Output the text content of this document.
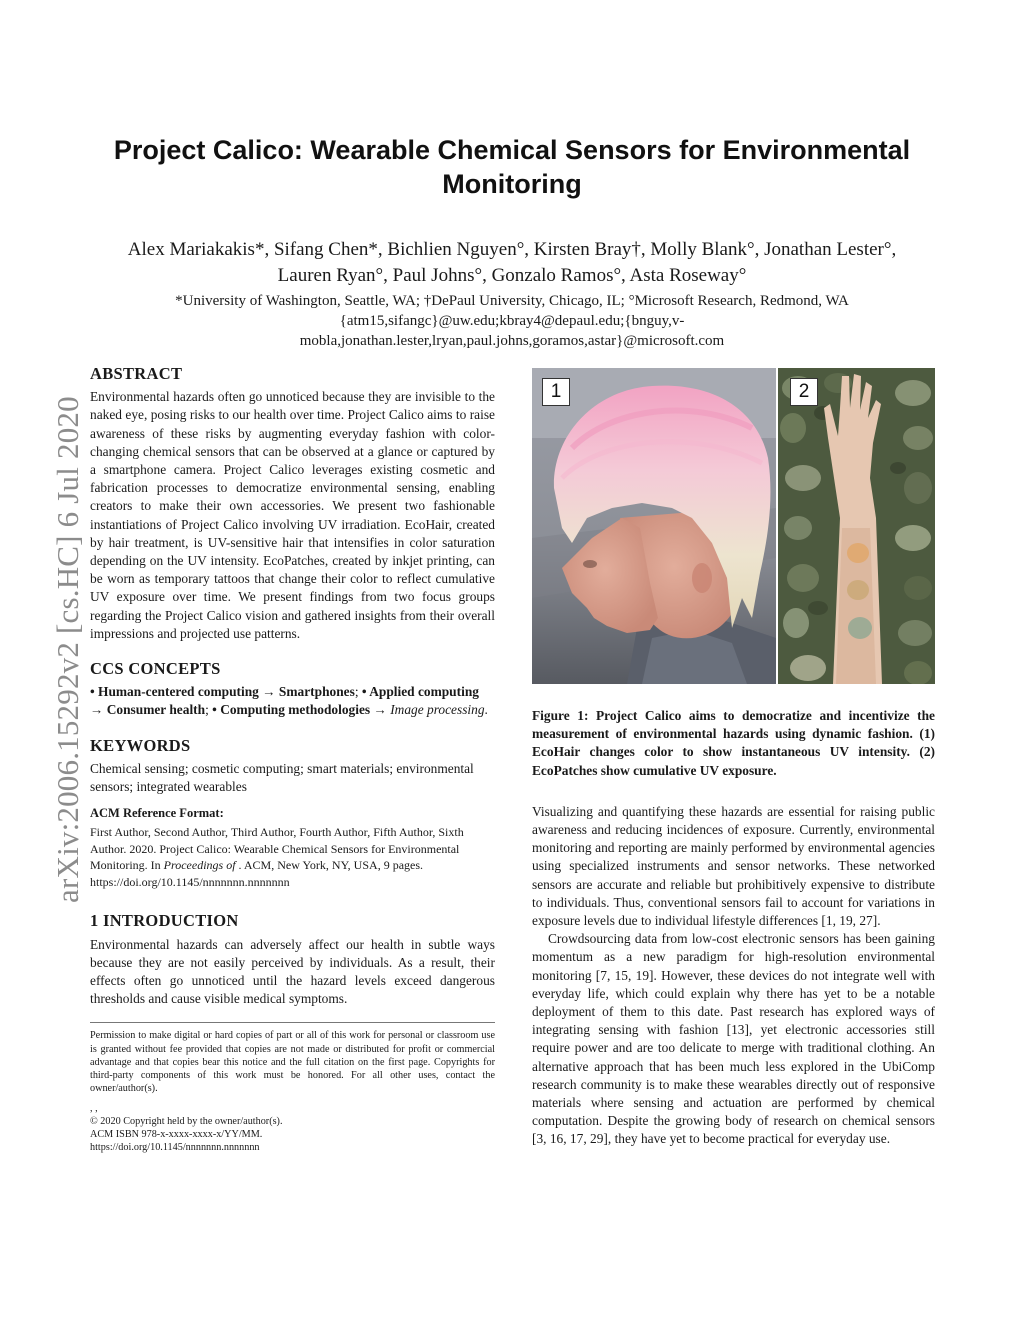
arXiv:2006.15292v2 [cs.HC] 6 Jul 2020
Project Calico: Wearable Chemical Sensors for Environmental Monitoring
Alex Mariakakis*, Sifang Chen*, Bichlien Nguyen°, Kirsten Bray†, Molly Blank°, Jonathan Lester°,
Lauren Ryan°, Paul Johns°, Gonzalo Ramos°, Asta Roseway°
*University of Washington, Seattle, WA; †DePaul University, Chicago, IL; °Microsoft Research, Redmond, WA
{atm15,sifangc}@uw.edu;kbray4@depaul.edu;{bnguy,v-
mobla,jonathan.lester,lryan,paul.johns,goramos,astar}@microsoft.com
ABSTRACT

Environmental hazards often go unnoticed because they are invisible to the naked eye, posing risks to our health over time. Project Calico aims to raise awareness of these risks by augmenting everyday fashion with color-changing chemical sensors that can be observed at a glance or captured by a smartphone camera. Project Calico leverages existing cosmetic and fabrication processes to democratize environmental sensing, enabling creators to make their own accessories. We present two fashionable instantiations of Project Calico involving UV irradiation. EcoHair, created by hair treatment, is UV-sensitive hair that intensifies in color saturation depending on the UV intensity. EcoPatches, created by inkjet printing, can be worn as temporary tattoos that change their color to reflect cumulative UV exposure over time. We present findings from two focus groups regarding the Project Calico vision and gathered insights from their overall impressions and projected use patterns.

CCS CONCEPTS

• Human-centered computing → Smartphones; • Applied computing → Consumer health; • Computing methodologies → Image processing.

KEYWORDS

Chemical sensing; cosmetic computing; smart materials; environmental sensors; integrated wearables

ACM Reference Format:

First Author, Second Author, Third Author, Fourth Author, Fifth Author, Sixth Author. 2020. Project Calico: Wearable Chemical Sensors for Environmental Monitoring. In Proceedings of . ACM, New York, NY, USA, 9 pages. https://doi.org/10.1145/nnnnnnn.nnnnnnn

1 INTRODUCTION

Environmental hazards can adversely affect our health in subtle ways because they are not easily perceived by individuals. As a result, their effects often go unnoticed until the hazard levels exceed dangerous thresholds and cause visible medical symptoms.

Permission to make digital or hard copies of part or all of this work for personal or classroom use is granted without fee provided that copies are not made or distributed for profit or commercial advantage and that copies bear this notice and the full citation on the first page. Copyrights for third-party components of this work must be honored. For all other uses, contact the owner/author(s).

, ,
© 2020 Copyright held by the owner/author(s).
ACM ISBN 978-x-xxxx-xxxx-x/YY/MM.
https://doi.org/10.1145/nnnnnnn.nnnnnnn
1	2

Figure 1: Project Calico aims to democratize and incentivize the measurement of environmental hazards using dynamic fashion. (1) EcoHair changes color to show instantaneous UV intensity. (2) EcoPatches show cumulative UV exposure.

Visualizing and quantifying these hazards are essential for raising public awareness and reducing incidences of exposure. Currently, environmental monitoring and reporting are mainly performed by environmental agencies using specialized instruments and sensor networks. These networked sensors are accurate and reliable but prohibitively expensive to distribute to individuals. Thus, conventional sensors fail to account for variations in exposure levels due to individual lifestyle differences [1, 19, 27].

Crowdsourcing data from low-cost electronic sensors has been gaining momentum as a new paradigm for high-resolution environmental monitoring [7, 15, 19]. However, these devices do not integrate well with everyday life, which could explain why there has yet to be a notable deployment of them to this date. Past research has explored ways of integrating sensing with fashion [13], yet electronic accessories still require power and are too delicate to merge with traditional clothing. An alternative approach that has been much less explored in the UbiComp research community is to make these wearables directly out of responsive materials where sensing and actuation are performed by chemical computation. Despite the growing body of research on chemical sensors [3, 16, 17, 29], they have yet to become practical for everyday use.
